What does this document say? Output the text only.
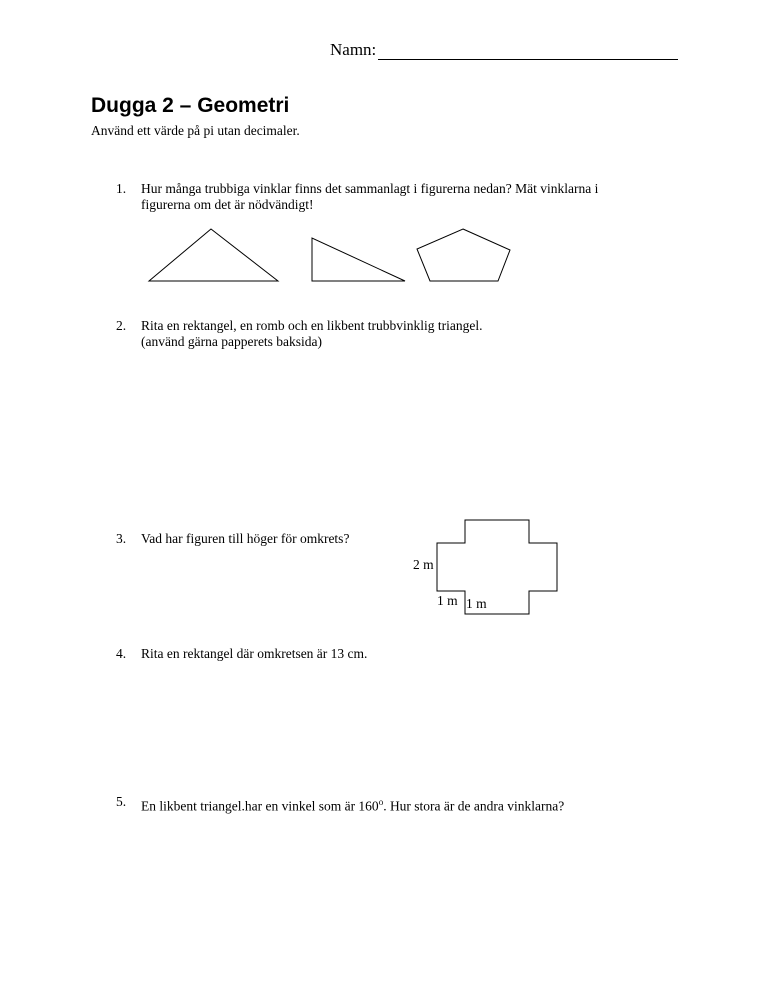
Namn:
Dugga 2 – Geometri
Använd ett värde på pi utan decimaler.
1. Hur många trubbiga vinklar finns det sammanlagt i figurerna nedan? Mät vinklarna i
figurerna om det är nödvändigt!
2. Rita en rektangel, en romb och en likbent trubbvinklig triangel.
(använd gärna papperets baksida)
3. Vad har figuren till höger för omkrets?
2 m
1 m 1 m
4. Rita en rektangel där omkretsen är 13 cm.
5. En likbent triangel.har en vinkel som är 160$^o$. Hur stora är de andra vinklarna?
